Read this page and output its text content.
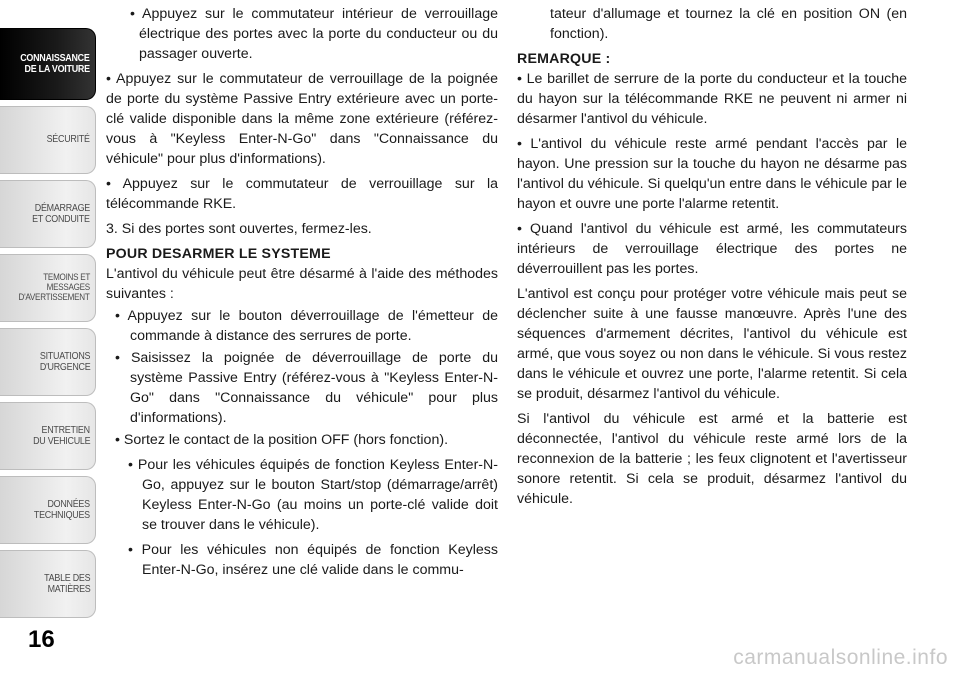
CONNAISSANCE
DE LA VOITURE
SÉCURITÉ
DÉMARRAGE
ET CONDUITE
TEMOINS ET
MESSAGES
D'AVERTISSEMENT
SITUATIONS
D'URGENCE
ENTRETIEN
DU VEHICULE
DONNÉES
TECHNIQUES
TABLE DES
MATIÈRES
16

• Appuyez sur le commutateur intérieur de verrouillage électrique des portes avec la porte du conducteur ou du passager ouverte.

• Appuyez sur le commutateur de verrouillage de la poignée de porte du système Passive Entry extérieure avec un porte-clé valide disponible dans la même zone extérieure (référez-vous à "Keyless Enter-N-Go" dans "Connaissance du véhicule" pour plus d'informations).

• Appuyez sur le commutateur de verrouillage sur la télécommande RKE.

3. Si des portes sont ouvertes, fermez-les.

POUR DESARMER LE SYSTEME

L'antivol du véhicule peut être désarmé à l'aide des méthodes suivantes :

• Appuyez sur le bouton déverrouillage de l'émetteur de commande à distance des serrures de porte.

• Saisissez la poignée de déverrouillage de porte du système Passive Entry (référez-vous à "Keyless Enter-N-Go" dans "Connaissance du véhicule" pour plus d'informations).

• Sortez le contact de la position OFF (hors fonction).

• Pour les véhicules équipés de fonction Keyless Enter-N-Go, appuyez sur le bouton Start/stop (démarrage/arrêt) Keyless Enter-N-Go (au moins un porte-clé valide doit se trouver dans le véhicule).

• Pour les véhicules non équipés de fonction Keyless Enter-N-Go, insérez une clé valide dans le commu-

tateur d'allumage et tournez la clé en position ON (en fonction).

REMARQUE :

• Le barillet de serrure de la porte du conducteur et la touche du hayon sur la télécommande RKE ne peuvent ni armer ni désarmer l'antivol du véhicule.

• L'antivol du véhicule reste armé pendant l'accès par le hayon. Une pression sur la touche du hayon ne désarme pas l'antivol du véhicule. Si quelqu'un entre dans le véhicule par le hayon et ouvre une porte l'alarme retentit.

• Quand l'antivol du véhicule est armé, les commutateurs intérieurs de verrouillage électrique des portes ne déverrouillent pas les portes.

L'antivol est conçu pour protéger votre véhicule mais peut se déclencher suite à une fausse manœuvre. Après l'une des séquences d'armement décrites, l'antivol du véhicule est armé, que vous soyez ou non dans le véhicule. Si vous restez dans le véhicule et ouvrez une porte, l'alarme retentit. Si cela se produit, désarmez l'antivol du véhicule.

Si l'antivol du véhicule est armé et la batterie est déconnectée, l'antivol du véhicule reste armé lors de la reconnexion de la batterie ; les feux clignotent et l'avertisseur sonore retentit. Si cela se produit, désarmez l'antivol du véhicule.

carmanualsonline.info
